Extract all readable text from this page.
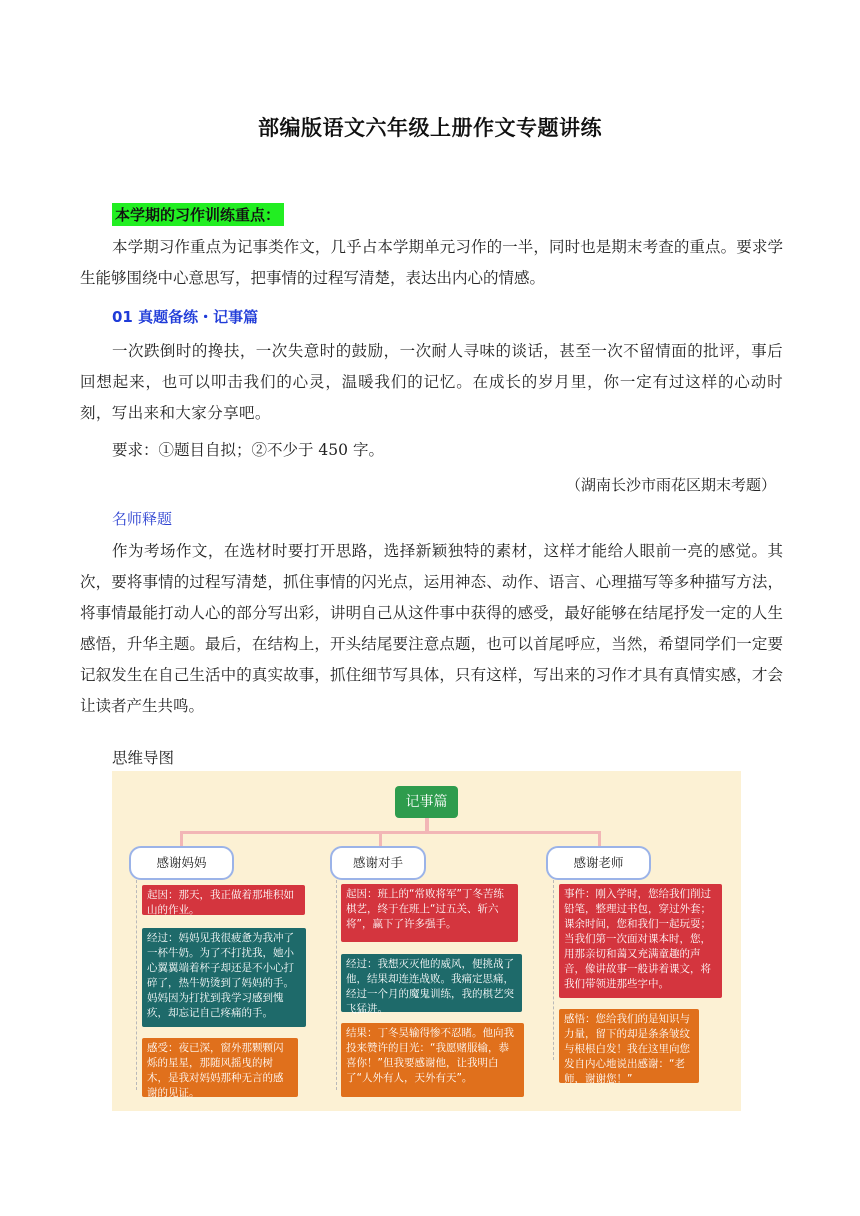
部编版语文六年级上册作文专题讲练
本学期的习作训练重点：

本学期习作重点为记事类作文，几乎占本学期单元习作的一半，同时也是期末考查的重点。要求学生能够围绕中心意思写，把事情的过程写清楚，表达出内心的情感。

01 真题备练・记事篇

一次跌倒时的搀扶，一次失意时的鼓励，一次耐人寻味的谈话，甚至一次不留情面的批评，事后回想起来，也可以叩击我们的心灵，温暖我们的记忆。在成长的岁月里，你一定有过这样的心动时刻，写出来和大家分享吧。

要求：①题目自拟；②不少于 450 字。
（湖南长沙市雨花区期末考题）
名师释题

作为考场作文，在选材时要打开思路，选择新颖独特的素材，这样才能给人眼前一亮的感觉。其次，要将事情的过程写清楚，抓住事情的闪光点，运用神态、动作、语言、心理描写等多种描写方法，将事情最能打动人心的部分写出彩，讲明自己从这件事中获得的感受，最好能够在结尾抒发一定的人生感悟，升华主题。最后，在结构上，开头结尾要注意点题，也可以首尾呼应，当然，希望同学们一定要记叙发生在自己生活中的真实故事，抓住细节写具体，只有这样，写出来的习作才具有真情实感，才会让读者产生共鸣。

思维导图
记事篇
感谢妈妈	感谢对手	感谢老师
起因：那天，我正做着那堆积如山的作业。
经过：妈妈见我很疲惫为我冲了一杯牛奶。为了不打扰我，她小心翼翼端着杯子却还是不小心打碎了，热牛奶烫到了妈妈的手。妈妈因为打扰到我学习感到愧疚，却忘记自己疼痛的手。
感受：夜已深，窗外那颗颗闪烁的星星，那随风摇曳的树木，是我对妈妈那种无言的感谢的见证。
起因：班上的“常败将军”丁冬苦练棋艺，终于在班上“过五关、斩六将”，赢下了许多强手。
经过：我想灭灭他的威风，便挑战了他，结果却连连战败。我痛定思痛，经过一个月的魔鬼训练，我的棋艺突飞猛进。
结果：丁冬昊输得惨不忍睹。他向我投来赞许的目光：“我愿赌服输，恭喜你！”但我要感谢他，让我明白了“人外有人，天外有天”。
事件：刚入学时，您给我们削过铅笔，整理过书包，穿过外套；课余时间，您和我们一起玩耍；当我们第一次面对课本时，您，用那亲切和蔼又充满童趣的声音，像讲故事一般讲着课文，将我们带领进那些字中。
感悟：您给我们的是知识与力量，留下的却是条条皱纹与根根白发！我在这里向您发自内心地说出感谢：“老师，谢谢您！”
